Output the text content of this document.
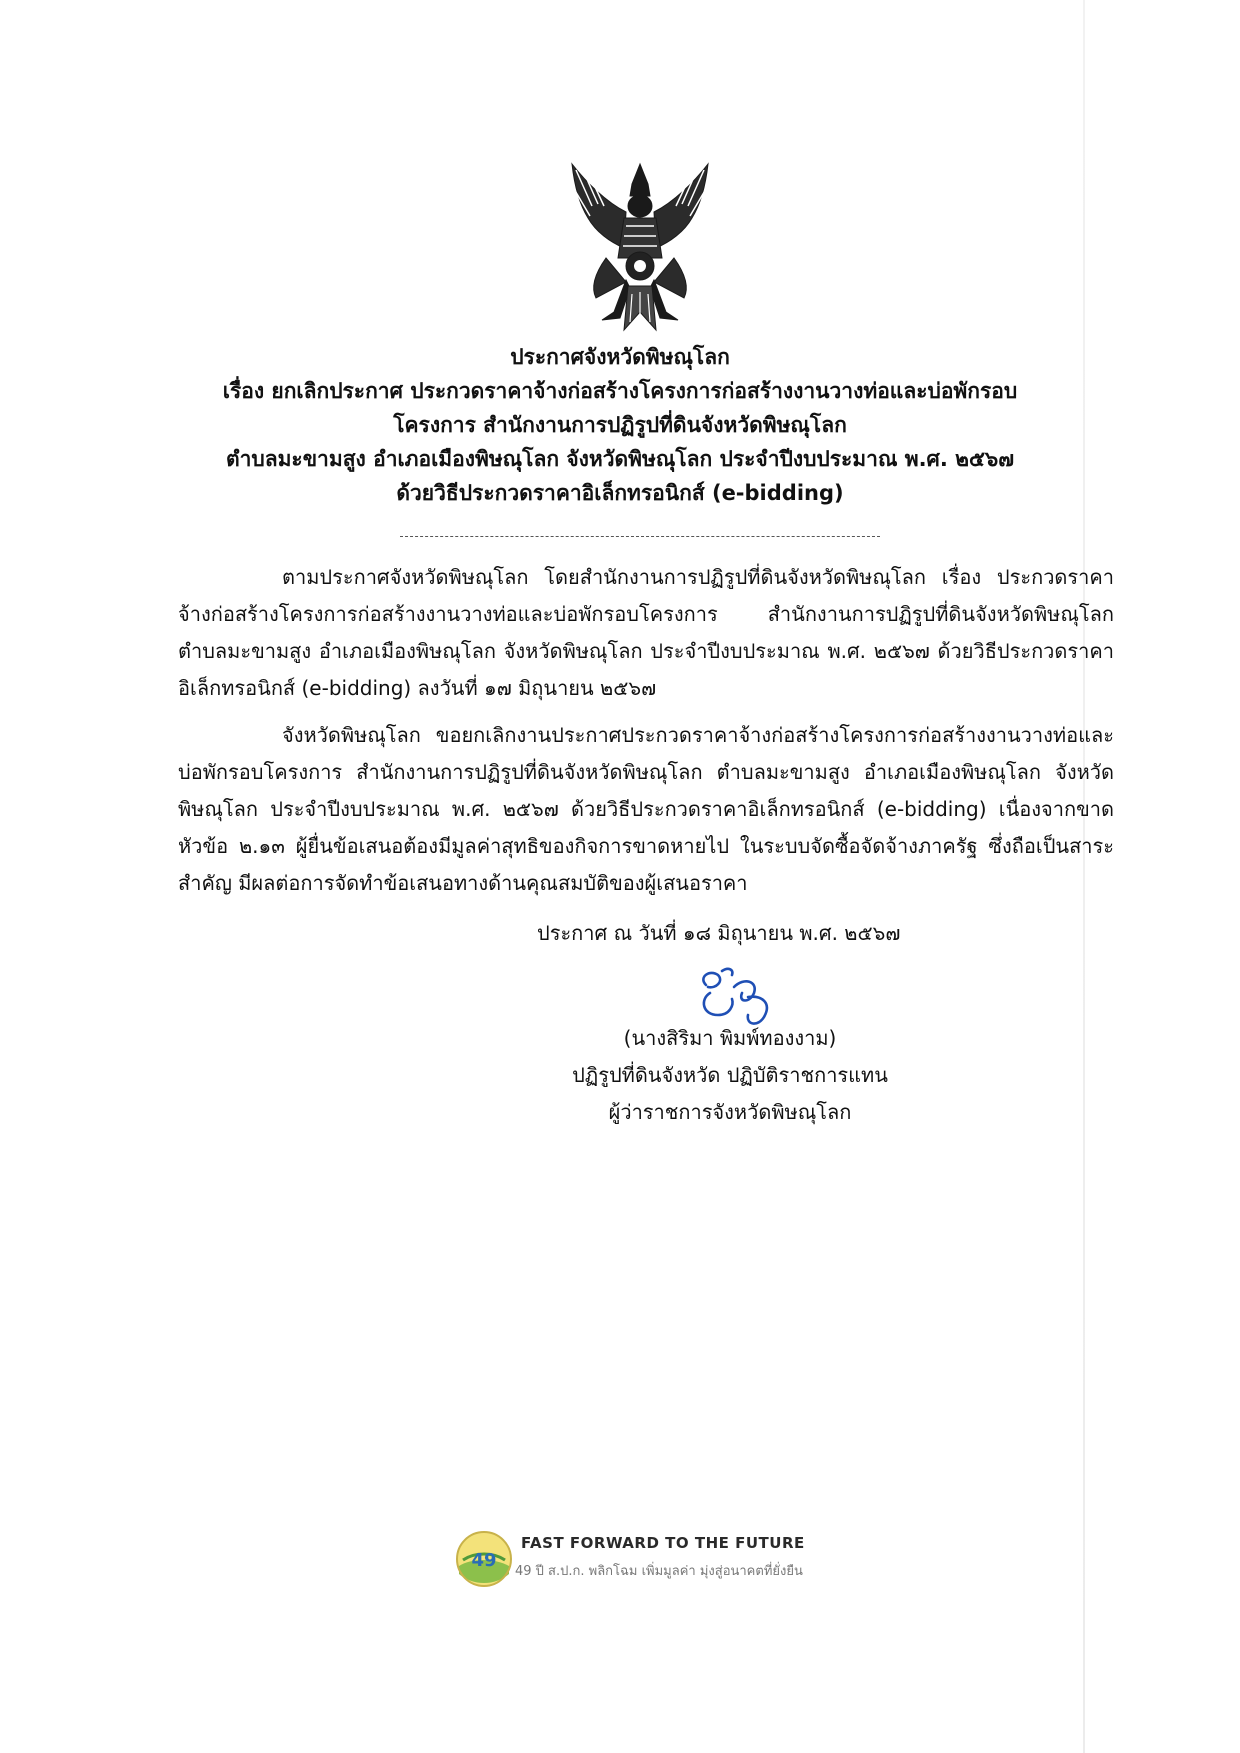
ประกาศจังหวัดพิษณุโลก
เรื่อง ยกเลิกประกาศ ประกวดราคาจ้างก่อสร้างโครงการก่อสร้างงานวางท่อและบ่อพักรอบ
โครงการ สำนักงานการปฏิรูปที่ดินจังหวัดพิษณุโลก
ตำบลมะขามสูง อำเภอเมืองพิษณุโลก จังหวัดพิษณุโลก ประจำปีงบประมาณ พ.ศ. ๒๕๖๗
ด้วยวิธีประกวดราคาอิเล็กทรอนิกส์ (e-bidding)

ตามประกาศจังหวัดพิษณุโลก โดยสำนักงานการปฏิรูปที่ดินจังหวัดพิษณุโลก เรื่อง ประกวดราคาจ้างก่อสร้างโครงการก่อสร้างงานวางท่อและบ่อพักรอบโครงการ สำนักงานการปฏิรูปที่ดินจังหวัดพิษณุโลก ตำบลมะขามสูง อำเภอเมืองพิษณุโลก จังหวัดพิษณุโลก ประจำปีงบประมาณ พ.ศ. ๒๕๖๗ ด้วยวิธีประกวดราคาอิเล็กทรอนิกส์ (e-bidding) ลงวันที่ ๑๗ มิถุนายน ๒๕๖๗

จังหวัดพิษณุโลก ขอยกเลิกงานประกาศประกวดราคาจ้างก่อสร้างโครงการก่อสร้างงานวางท่อและบ่อพักรอบโครงการ สำนักงานการปฏิรูปที่ดินจังหวัดพิษณุโลก ตำบลมะขามสูง อำเภอเมืองพิษณุโลก จังหวัดพิษณุโลก ประจำปีงบประมาณ พ.ศ. ๒๕๖๗ ด้วยวิธีประกวดราคาอิเล็กทรอนิกส์ (e-bidding) เนื่องจากขาดหัวข้อ ๒.๑๓ ผู้ยื่นข้อเสนอต้องมีมูลค่าสุทธิของกิจการขาดหายไป ในระบบจัดซื้อจัดจ้างภาครัฐ ซึ่งถือเป็นสาระสำคัญ มีผลต่อการจัดทำข้อเสนอทางด้านคุณสมบัติของผู้เสนอราคา

ประกาศ ณ วันที่ ๑๘ มิถุนายน พ.ศ. ๒๕๖๗
(นางสิริมา พิมพ์ทองงาม)
ปฏิรูปที่ดินจังหวัด ปฏิบัติราชการแทน
ผู้ว่าราชการจังหวัดพิษณุโลก
49
FAST FORWARD TO THE FUTURE
49 ปี ส.ป.ก. พลิกโฉม เพิ่มมูลค่า มุ่งสู่อนาคตที่ยั่งยืน
